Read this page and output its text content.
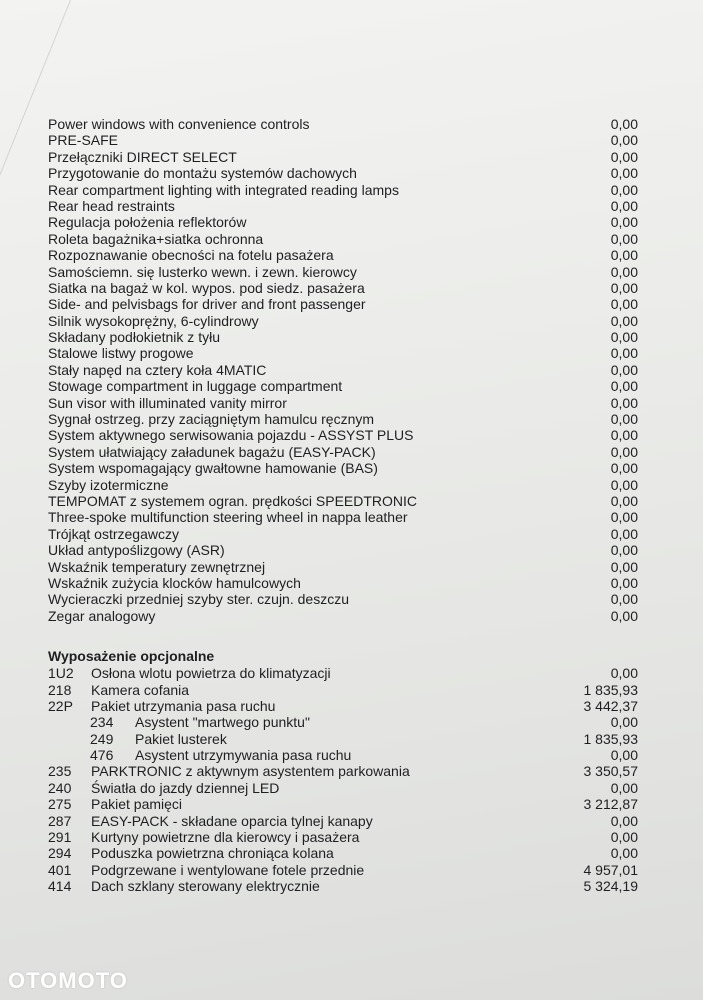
Power windows with convenience controls	0,00
PRE-SAFE	0,00
Przełączniki DIRECT SELECT	0,00
Przygotowanie do montażu systemów dachowych	0,00
Rear compartment lighting with integrated reading lamps	0,00
Rear head restraints	0,00
Regulacja położenia reflektorów	0,00
Roleta bagażnika+siatka ochronna	0,00
Rozpoznawanie obecności na fotelu pasażera	0,00
Samościemn. się lusterko wewn. i zewn. kierowcy	0,00
Siatka na bagaż w kol. wypos. pod siedz. pasażera	0,00
Side- and pelvisbags for driver and front passenger	0,00
Silnik wysokoprężny, 6-cylindrowy	0,00
Składany podłokietnik z tyłu	0,00
Stalowe listwy progowe	0,00
Stały napęd na cztery koła 4MATIC	0,00
Stowage compartment in luggage compartment	0,00
Sun visor with illuminated vanity mirror	0,00
Sygnał ostrzeg. przy zaciągniętym hamulcu ręcznym	0,00
System aktywnego serwisowania pojazdu - ASSYST PLUS	0,00
System ułatwiający załadunek bagażu (EASY-PACK)	0,00
System wspomagający gwałtowne hamowanie (BAS)	0,00
Szyby izotermiczne	0,00
TEMPOMAT z systemem ogran. prędkości SPEEDTRONIC	0,00
Three-spoke multifunction steering wheel in nappa leather	0,00
Trójkąt ostrzegawczy	0,00
Układ antypoślizgowy (ASR)	0,00
Wskaźnik temperatury zewnętrznej	0,00
Wskaźnik zużycia klocków hamulcowych	0,00
Wycieraczki przedniej szyby ster. czujn. deszczu	0,00
Zegar analogowy	0,00
Wyposażenie opcjonalne
1U2 Osłona wlotu powietrza do klimatyzacji	0,00
218 Kamera cofania	1 835,93
22P Pakiet utrzymania pasa ruchu	3 442,37
234 Asystent "martwego punktu"	0,00
249 Pakiet lusterek	1 835,93
476 Asystent utrzymywania pasa ruchu	0,00
235 PARKTRONIC z aktywnym asystentem parkowania	3 350,57
240 Światła do jazdy dziennej LED	0,00
275 Pakiet pamięci	3 212,87
287 EASY-PACK - składane oparcia tylnej kanapy	0,00
291 Kurtyny powietrzne dla kierowcy i pasażera	0,00
294 Poduszka powietrzna chroniąca kolana	0,00
401 Podgrzewane i wentylowane fotele przednie	4 957,01
414 Dach szklany sterowany elektrycznie	5 324,19
OTOMOTO
